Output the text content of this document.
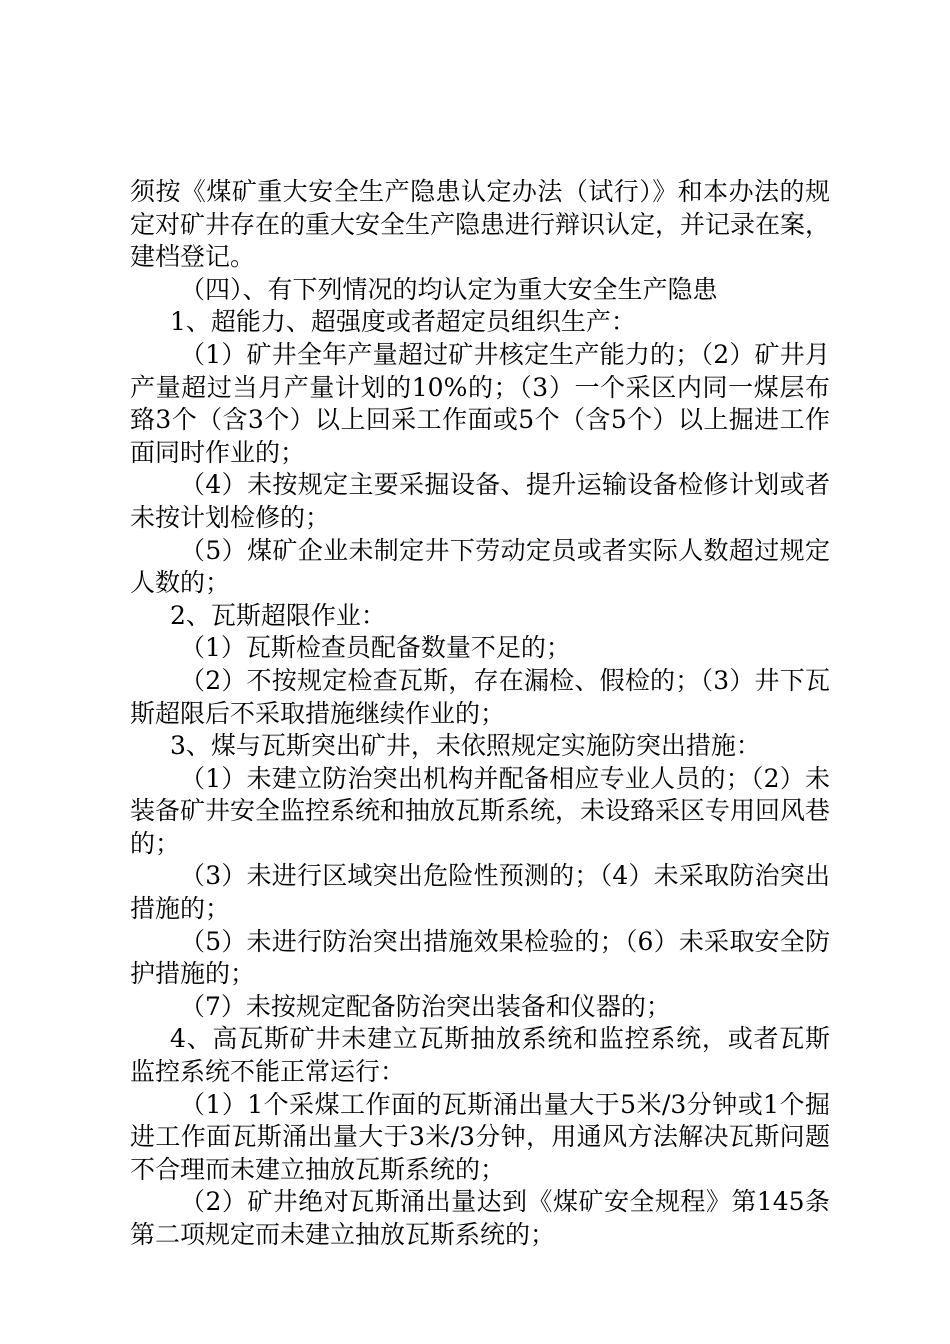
须按《煤矿重大安全生产隐患认定办法（试行）》和本办法的规定对矿井存在的重大安全生产隐患进行辩识认定，并记录在案，建档登记。

（四）、有下列情况的均认定为重大安全生产隐患

1、超能力、超强度或者超定员组织生产：

（1）矿井全年产量超过矿井核定生产能力的；（2）矿井月产量超过当月产量计划的10%的；（3）一个采区内同一煤层布臵3个（含3个）以上回采工作面或5个（含5个）以上掘进工作面同时作业的；

（4）未按规定主要采掘设备、提升运输设备检修计划或者未按计划检修的；

（5）煤矿企业未制定井下劳动定员或者实际人数超过规定人数的；

2、瓦斯超限作业：

（1）瓦斯检查员配备数量不足的；

（2）不按规定检查瓦斯，存在漏检、假检的；（3）井下瓦斯超限后不采取措施继续作业的；

3、煤与瓦斯突出矿井，未依照规定实施防突出措施：

（1）未建立防治突出机构并配备相应专业人员的；（2）未装备矿井安全监控系统和抽放瓦斯系统，未设臵采区专用回风巷的；

（3）未进行区域突出危险性预测的；（4）未采取防治突出措施的；

（5）未进行防治突出措施效果检验的；（6）未采取安全防护措施的；

（7）未按规定配备防治突出装备和仪器的；

4、高瓦斯矿井未建立瓦斯抽放系统和监控系统，或者瓦斯监控系统不能正常运行：

（1）1个采煤工作面的瓦斯涌出量大于5米/3分钟或1个掘进工作面瓦斯涌出量大于3米/3分钟，用通风方法解决瓦斯问题不合理而未建立抽放瓦斯系统的；

（2）矿井绝对瓦斯涌出量达到《煤矿安全规程》第145条第二项规定而未建立抽放瓦斯系统的；
